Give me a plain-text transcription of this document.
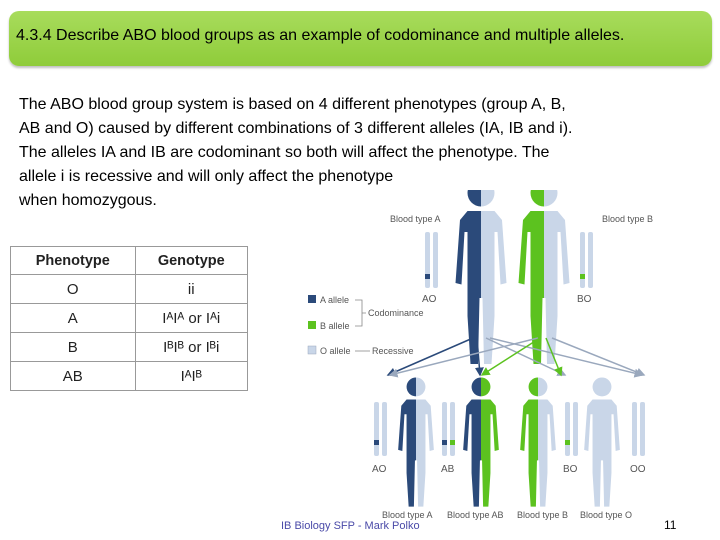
4.3.4 Describe ABO blood groups as an example of codominance and multiple alleles.

The ABO blood group system is based on 4 different phenotypes (group A, B,

AB and O) caused by different combinations of 3 different alleles (IA, IB and i).

The alleles IA and IB are codominant so both will affect the phenotype. The

allele i is recessive and will only affect the phenotype

when homozygous.

Phenotype	Genotype
O	ii
A	IᴬIᴬ or Iᴬi
B	IᴮIᴮ or Iᴮi
AB	IᴬIᴮ
Blood type A	Blood type B
AO	BO
A allele
B allele
O allele
Codominance
Recessive
AO	AB	BO	OO
Blood type A Blood type AB Blood type B Blood type O
IB Biology SFP - Mark Polko	11
